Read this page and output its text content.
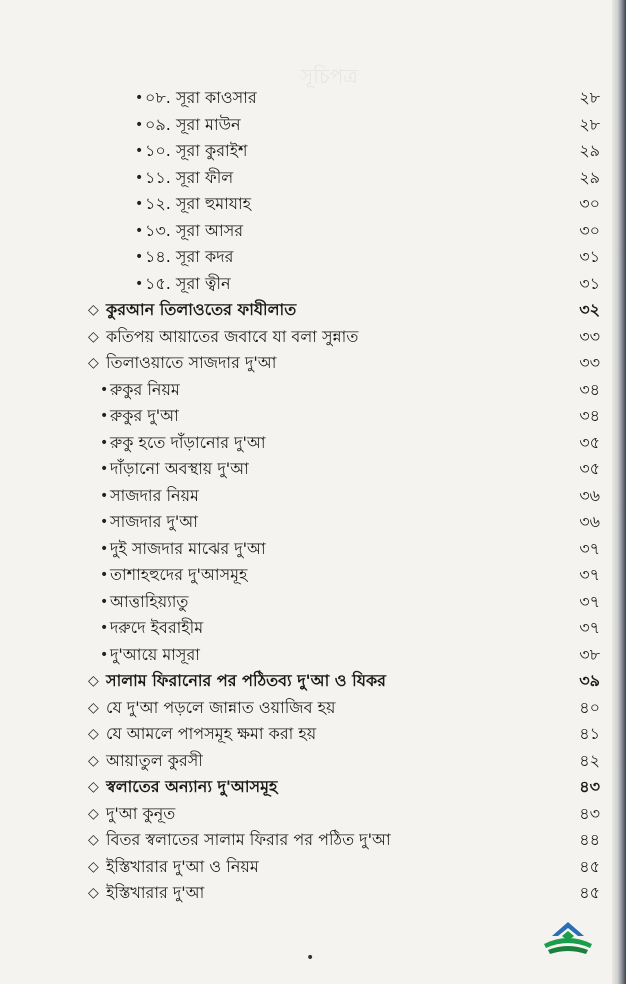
সূচিপত্র
• ০৮. সূরা কাওসার	২৮
• ০৯. সূরা মাউন	২৮
• ১০. সূরা কুরাইশ	২৯
• ১১. সূরা ফীল	২৯
• ১২. সূরা হুমাযাহ	৩০
• ১৩. সূরা আসর	৩০
• ১৪. সূরা কদর	৩১
• ১৫. সূরা ত্বীন	৩১
◇ কুরআন তিলাওতের ফাযীলাত	৩২
◇ কতিপয় আয়াতের জবাবে যা বলা সুন্নাত	৩৩
◇ তিলাওয়াতে সাজদার দু'আ	৩৩
• রুকুর নিয়ম	৩৪
• রুকুর দু'আ	৩৪
• রুকু হতে দাঁড়ানোর দু'আ	৩৫
• দাঁড়ানো অবস্থায় দু'আ	৩৫
• সাজদার নিয়ম	৩৬
• সাজদার দু'আ	৩৬
• দুই সাজদার মাঝের দু'আ	৩৭
• তাশাহহুদের দু'আসমূহ	৩৭
• আত্তাহিয়্যাতু	৩৭
• দরুদে ইবরাহীম	৩৭
• দু'আয়ে মাসূরা	৩৮
◇ সালাম ফিরানোর পর পঠিতব্য দু'আ ও যিকর	৩৯
◇ যে দু'আ পড়লে জান্নাত ওয়াজিব হয়	৪০
◇ যে আমলে পাপসমূহ ক্ষমা করা হয়	৪১
◇ আয়াতুল কুরসী	৪২
◇ স্বলাতের অন্যান্য দু'আসমূহ	৪৩
◇ দু'আ কুনূত	৪৩
◇ বিতর স্বলাতের সালাম ফিরার পর পঠিত দু'আ	৪৪
◇ ইস্তিখারার দু'আ ও নিয়ম	৪৫
◇ ইস্তিখারার দু'আ	৪৫
•
